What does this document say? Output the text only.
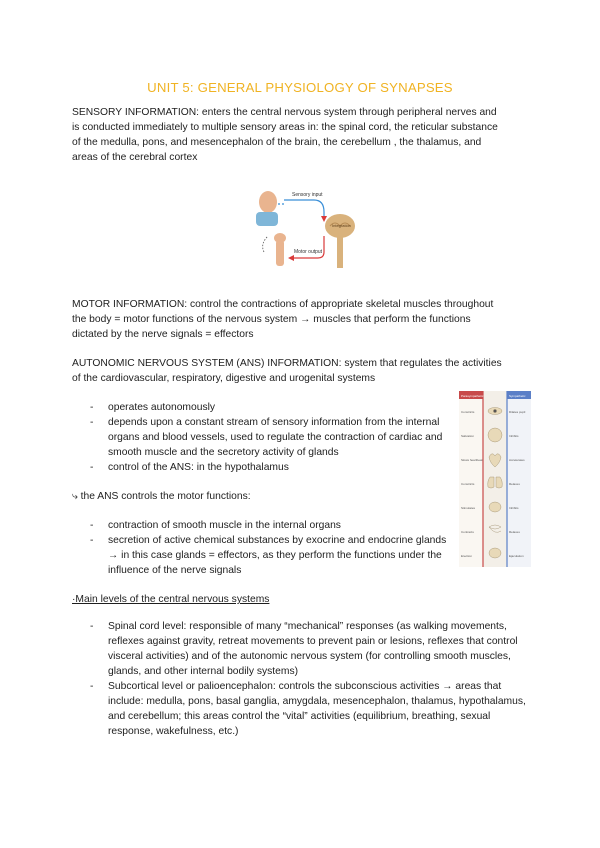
UNIT 5: GENERAL PHYSIOLOGY OF SYNAPSES

SENSORY INFORMATION: enters the central nervous system through peripheral nerves and is conducted immediately to multiple sensory areas in: the spinal cord, the reticular substance of the medulla, pons, and mesencephalon of the brain, the cerebellum , the thalamus, and areas of the cerebral cortex

Sensory input
Integration
Motor output

MOTOR INFORMATION: control the contractions of appropriate skeletal muscles throughout the body = motor functions of the nervous system → muscles that perform the functions dictated by the nerve signals = effectors

AUTONOMIC NERVOUS SYSTEM (ANS) INFORMATION: system that regulates the activities of the cardiovascular, respiratory, digestive and urogenital systems

- operates autonomously
- depends upon a constant stream of sensory information from the internal organs and blood vessels, used to regulate the contraction of cardiac and smooth muscle and the secretory activity of glands
- control of the ANS: in the hypothalamus
Parasympathetic	Sympathetic
Constricts
Salivation
Slows heartbeat
Constricts
Stimulates
Contracts
Erection
Dilates pupil
Inhibits
Accelerates
Relaxes
Inhibits
Relaxes
Ejaculation

⤷ the ANS controls the motor functions:

- contraction of smooth muscle in the internal organs
- secretion of active chemical substances by exocrine and endocrine glands → in this case glands = effectors, as they perform the functions under the influence of the nerve signals

·Main levels of the central nervous systems

- Spinal cord level: responsible of many “mechanical” responses (as walking movements, reflexes against gravity, retreat movements to prevent pain or lesions, reflexes that control visceral activities) and of the autonomic nervous system (for controlling smooth muscles, glands, and other internal bodily systems)
- Subcortical level or palioencephalon: controls the subconscious activities → areas that include: medulla, pons, basal ganglia, amygdala, mesencephalon, thalamus, hypothalamus, and cerebellum; this areas control the “vital” activities (equilibrium, breathing, sexual response, wakefulness, etc.)
